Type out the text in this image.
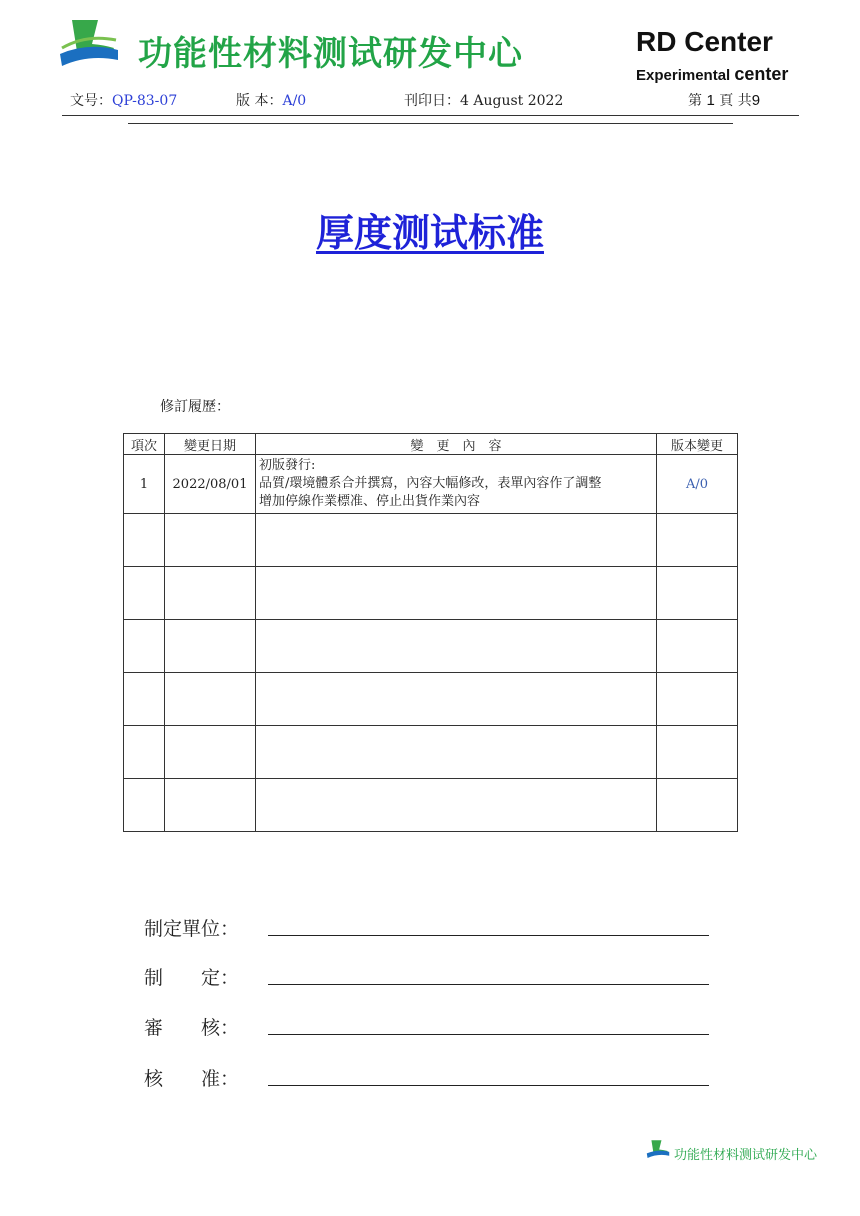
功能性材料测试研发中心	RD Center
Experimental center
文号：QP-83-07	版 本：A/0	刊印日：4 August 2022	第 1 頁 共9
厚度测试标准
修訂履歷：
項次	變更日期	變　更　內　容	版本變更
1	2022/08/01	初版發行:
品質/環境體系合并撰寫，內容大幅修改，表單內容作了調整
增加停線作業標准、停止出貨作業內容	A/0

制定單位：
制　　定：
審　　核：
核　　准：
功能性材料测试研发中心
